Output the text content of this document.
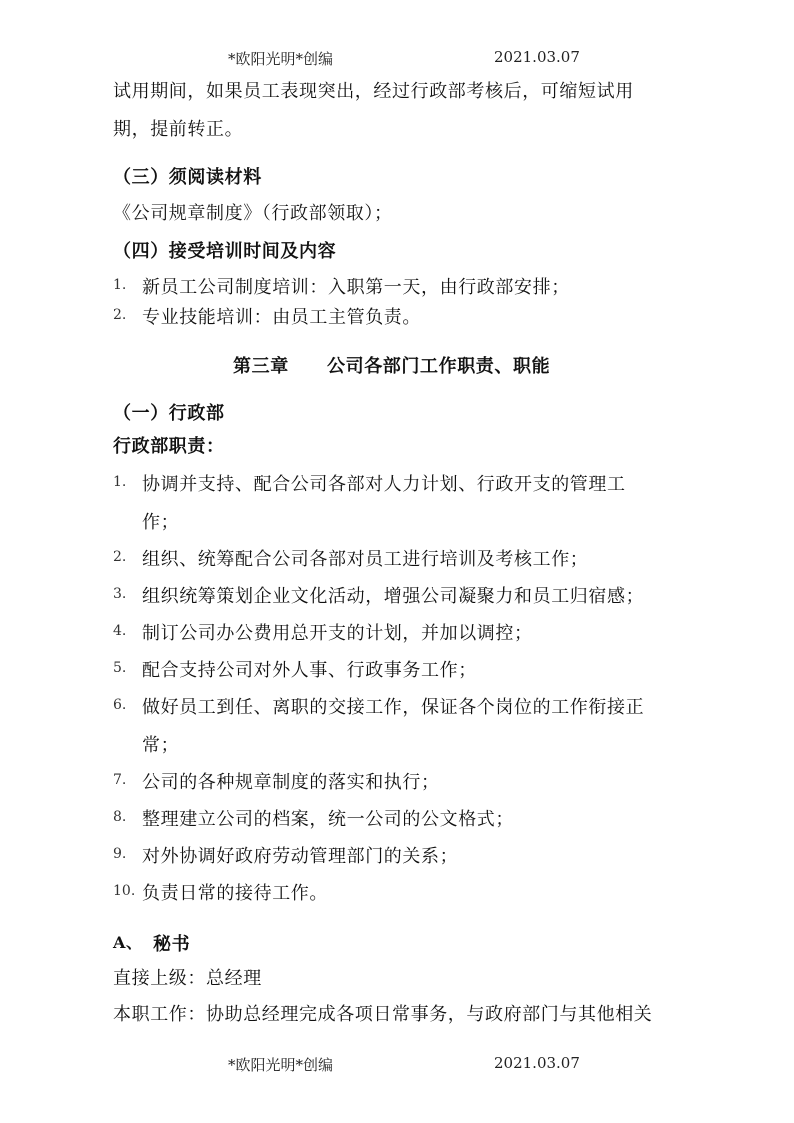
*欧阳光明*创编	2021.03.07
试用期间，如果员工表现突出，经过行政部考核后，可缩短试用
期，提前转正。
（三）须阅读材料
《公司规章制度》（行政部领取）；
（四）接受培训时间及内容
1. 新员工公司制度培训：入职第一天，由行政部安排；
2. 专业技能培训：由员工主管负责。
第三章 公司各部门工作职责、职能
（一）行政部
行政部职责：
1. 协调并支持、配合公司各部对人力计划、行政开支的管理工
作；
2. 组织、统筹配合公司各部对员工进行培训及考核工作；
3. 组织统筹策划企业文化活动，增强公司凝聚力和员工归宿感；
4. 制订公司办公费用总开支的计划，并加以调控；
5. 配合支持公司对外人事、行政事务工作；
6. 做好员工到任、离职的交接工作，保证各个岗位的工作衔接正
常；
7. 公司的各种规章制度的落实和执行；
8. 整理建立公司的档案，统一公司的公文格式；
9. 对外协调好政府劳动管理部门的关系；
10. 负责日常的接待工作。
A、 秘书
直接上级：总经理
本职工作：协助总经理完成各项日常事务，与政府部门与其他相关
*欧阳光明*创编	2021.03.07
